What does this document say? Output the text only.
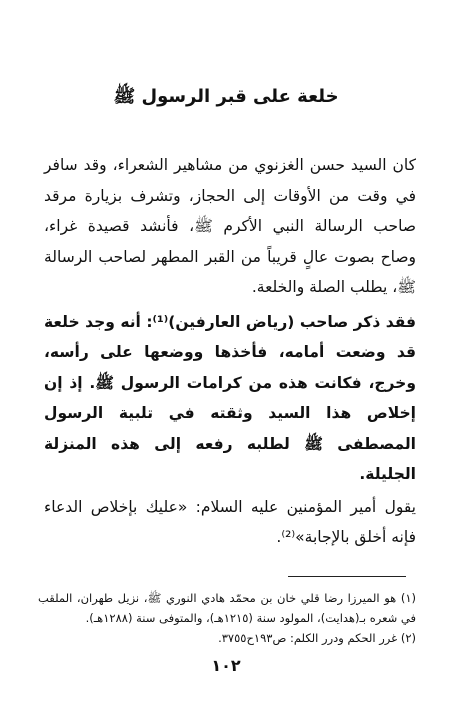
خلعة على قبر الرسول ﷺ

كان السيد حسن الغزنوي من مشاهير الشعراء، وقد سافر في وقت من الأوقات إلى الحجاز، وتشرف بزيارة مرقد صاحب الرسالة النبي الأكرم ﷺ، فأنشد قصيدة غراء، وصاح بصوت عالٍ قريباً من القبر المطهر لصاحب الرسالة ﷺ، يطلب الصلة والخلعة.

فقد ذكر صاحب (رياض العارفين)⁽¹⁾: أنه وجد خلعة قد وضعت أمامه، فأخذها ووضعها على رأسه، وخرج، فكانت هذه من كرامات الرسول ﷺ. إذ إن إخلاص هذا السيد وثقته في تلبية الرسول المصطفى ﷺ لطلبه رفعه إلى هذه المنزلة الجليلة.

يقول أمير المؤمنين عليه السلام: «عليك بإخلاص الدعاء فإنه أخلق بالإجابة»⁽²⁾.

(١) هو الميرزا رضا قلي خان بن محمّد هادي النوري ﷺ، نزيل طهران، الملقب في شعره بـ(هدايت)، المولود سنة (١٢١٥هـ)، والمتوفى سنة (١٢٨٨هـ).

(٢) غرر الحكم ودرر الكلم: ص١٩٣ح٣٧٥٥.

١٠٢
